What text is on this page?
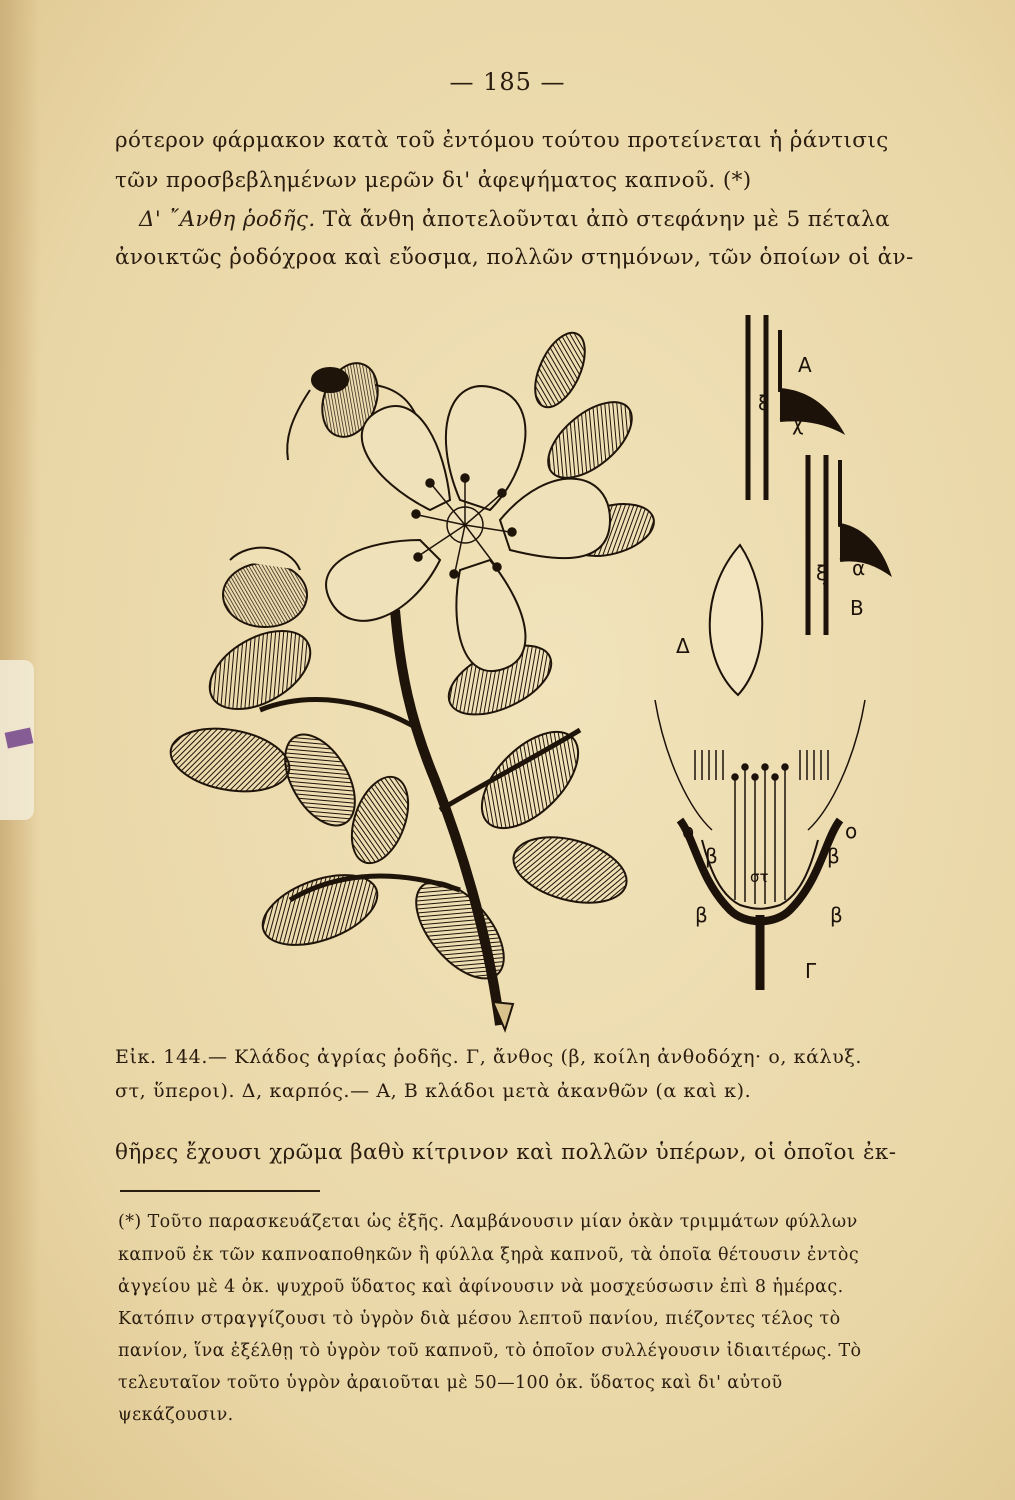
— 185 —
ρότερον φάρμακον κατὰ τοῦ ἐντόμου τούτου προτείνεται ἡ ῥάντισις
τῶν προσβεβλημένων μερῶν δι' ἀφεψήματος καπνοῦ. (*)
Δ' ῎Ανθη ῥοδῆς. Τὰ ἄνθη ἀποτελοῦνται ἀπὸ στεφάνην μὲ 5 πέταλα
ἀνοικτῶς ῥοδόχροα καὶ εὔοσμα, πολλῶν στημόνων, τῶν ὁποίων οἱ ἀν-
Α
ξ
χ
ξ α
Β
Δ
ο	ο
β	β
β	β
στ
Γ
Εἰκ. 144.— Κλάδος ἀγρίας ῥοδῆς. Γ, ἄνθος (β, κοίλη ἀνθοδόχη· ο, κάλυξ.
στ, ὕπεροι). Δ, καρπός.— Α, Β κλάδοι μετὰ ἀκανθῶν (α καὶ κ).
θῆρες ἔχουσι χρῶμα βαθὺ κίτρινον καὶ πολλῶν ὑπέρων, οἱ ὁποῖοι ἐκ-
(*) Τοῦτο παρασκευάζεται ὡς ἑξῆς. Λαμβάνουσιν μίαν ὀκὰν τριμμάτων φύλλων
καπνοῦ ἐκ τῶν καπνοαποθηκῶν ἢ φύλλα ξηρὰ καπνοῦ, τὰ ὁποῖα θέτουσιν ἐντὸς
ἀγγείου μὲ 4 ὀκ. ψυχροῦ ὕδατος καὶ ἀφίνουσιν νὰ μοσχεύσωσιν ἐπὶ 8 ἡμέρας.
Κατόπιν στραγγίζουσι τὸ ὑγρὸν διὰ μέσου λεπτοῦ πανίου, πιέζοντες τέλος τὸ
πανίον, ἵνα ἐξέλθῃ τὸ ὑγρὸν τοῦ καπνοῦ, τὸ ὁποῖον συλλέγουσιν ἰδιαιτέρως. Τὸ
τελευταῖον τοῦτο ὑγρὸν ἀραιοῦται μὲ 50—100 ὀκ. ὕδατος καὶ δι' αὐτοῦ
ψεκάζουσιν.
